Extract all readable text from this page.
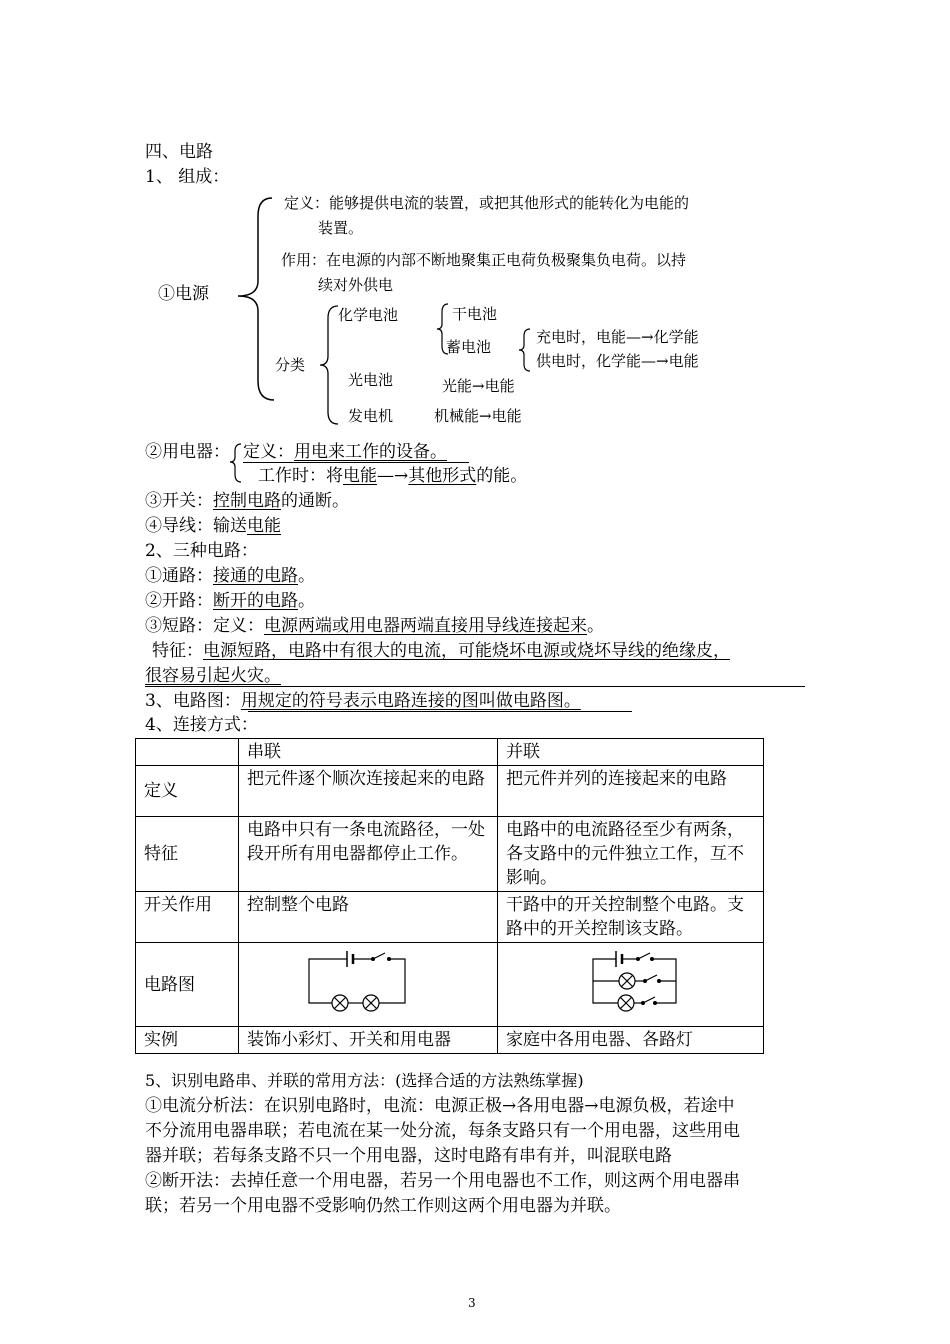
四、电路
1、 组成：
①电源
定义：能够提供电流的装置，或把其他形式的能转化为电能的
装置。
作用：在电源的内部不断地聚集正电荷负极聚集负电荷。以持
续对外供电
分类
化学电池	干电池
蓄电池
充电时，电能—→化学能
供电时，化学能—→电能
光电池	光能→电能
发电机	机械能→电能
②用电器： 定义：用电来工作的设备。
工作时：将电能—→其他形式的能。
③开关：控制电路的通断。
④导线：输送电能
2、三种电路：
①通路：接通的电路。
②开路：断开的电路。
③短路：定义：电源两端或用电器两端直接用导线连接起来。
特征：电源短路，电路中有很大的电流，可能烧坏电源或烧坏导线的绝缘皮，
很容易引起火灾。
3、电路图：用规定的符号表示电路连接的图叫做电路图。
4、连接方式：
	串联	并联
定义	把元件逐个顺次连接起来的电路	把元件并列的连接起来的电路
特征	电路中只有一条电流路径，一处段开所有用电器都停止工作。	电路中的电流路径至少有两条，各支路中的元件独立工作，互不影响。
开关作用	控制整个电路	干路中的开关控制整个电路。支路中的开关控制该支路。
电路图		
实例	装饰小彩灯、开关和用电器	家庭中各用电器、各路灯
5、识别电路串、并联的常用方法：(选择合适的方法熟练掌握)
①电流分析法：在识别电路时，电流：电源正极→各用电器→电源负极，若途中
不分流用电器串联；若电流在某一处分流，每条支路只有一个用电器，这些用电
器并联；若每条支路不只一个用电器，这时电路有串有并，叫混联电路
②断开法：去掉任意一个用电器，若另一个用电器也不工作，则这两个用电器串
联；若另一个用电器不受影响仍然工作则这两个用电器为并联。
3
